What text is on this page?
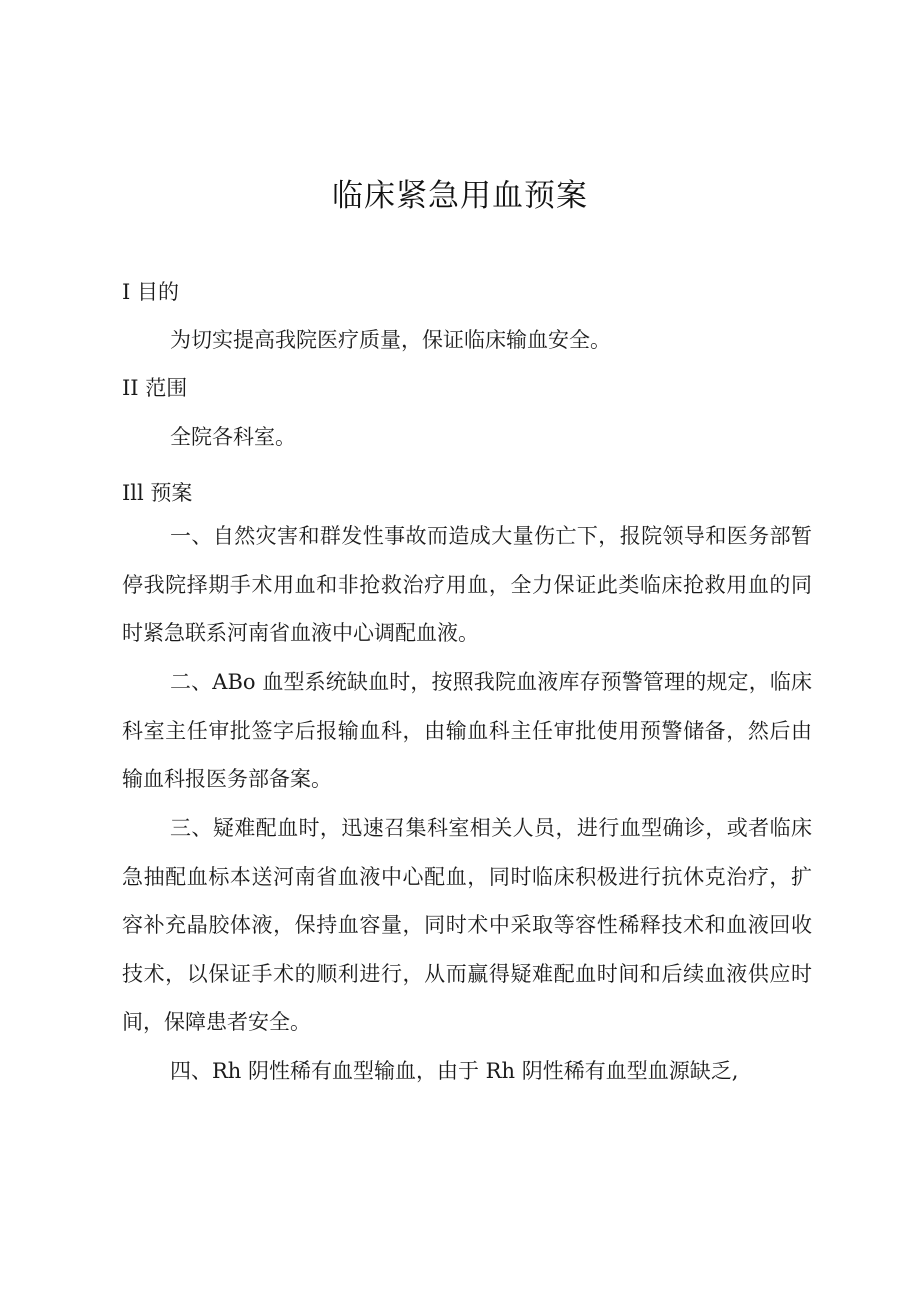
临床紧急用血预案
I 目的
为切实提高我院医疗质量，保证临床输血安全。
II 范围
全院各科室。
Ill 预案
一、自然灾害和群发性事故而造成大量伤亡下，报院领导和医务部暂停我院择期手术用血和非抢救治疗用血，全力保证此类临床抢救用血的同时紧急联系河南省血液中心调配血液。
二、ABo 血型系统缺血时，按照我院血液库存预警管理的规定，临床科室主任审批签字后报输血科，由输血科主任审批使用预警储备，然后由输血科报医务部备案。
三、疑难配血时，迅速召集科室相关人员，进行血型确诊，或者临床急抽配血标本送河南省血液中心配血，同时临床积极进行抗休克治疗，扩容补充晶胶体液，保持血容量，同时术中采取等容性稀释技术和血液回收技术，以保证手术的顺利进行，从而赢得疑难配血时间和后续血液供应时间，保障患者安全。
四、Rh 阴性稀有血型输血，由于 Rh 阴性稀有血型血源缺乏,
